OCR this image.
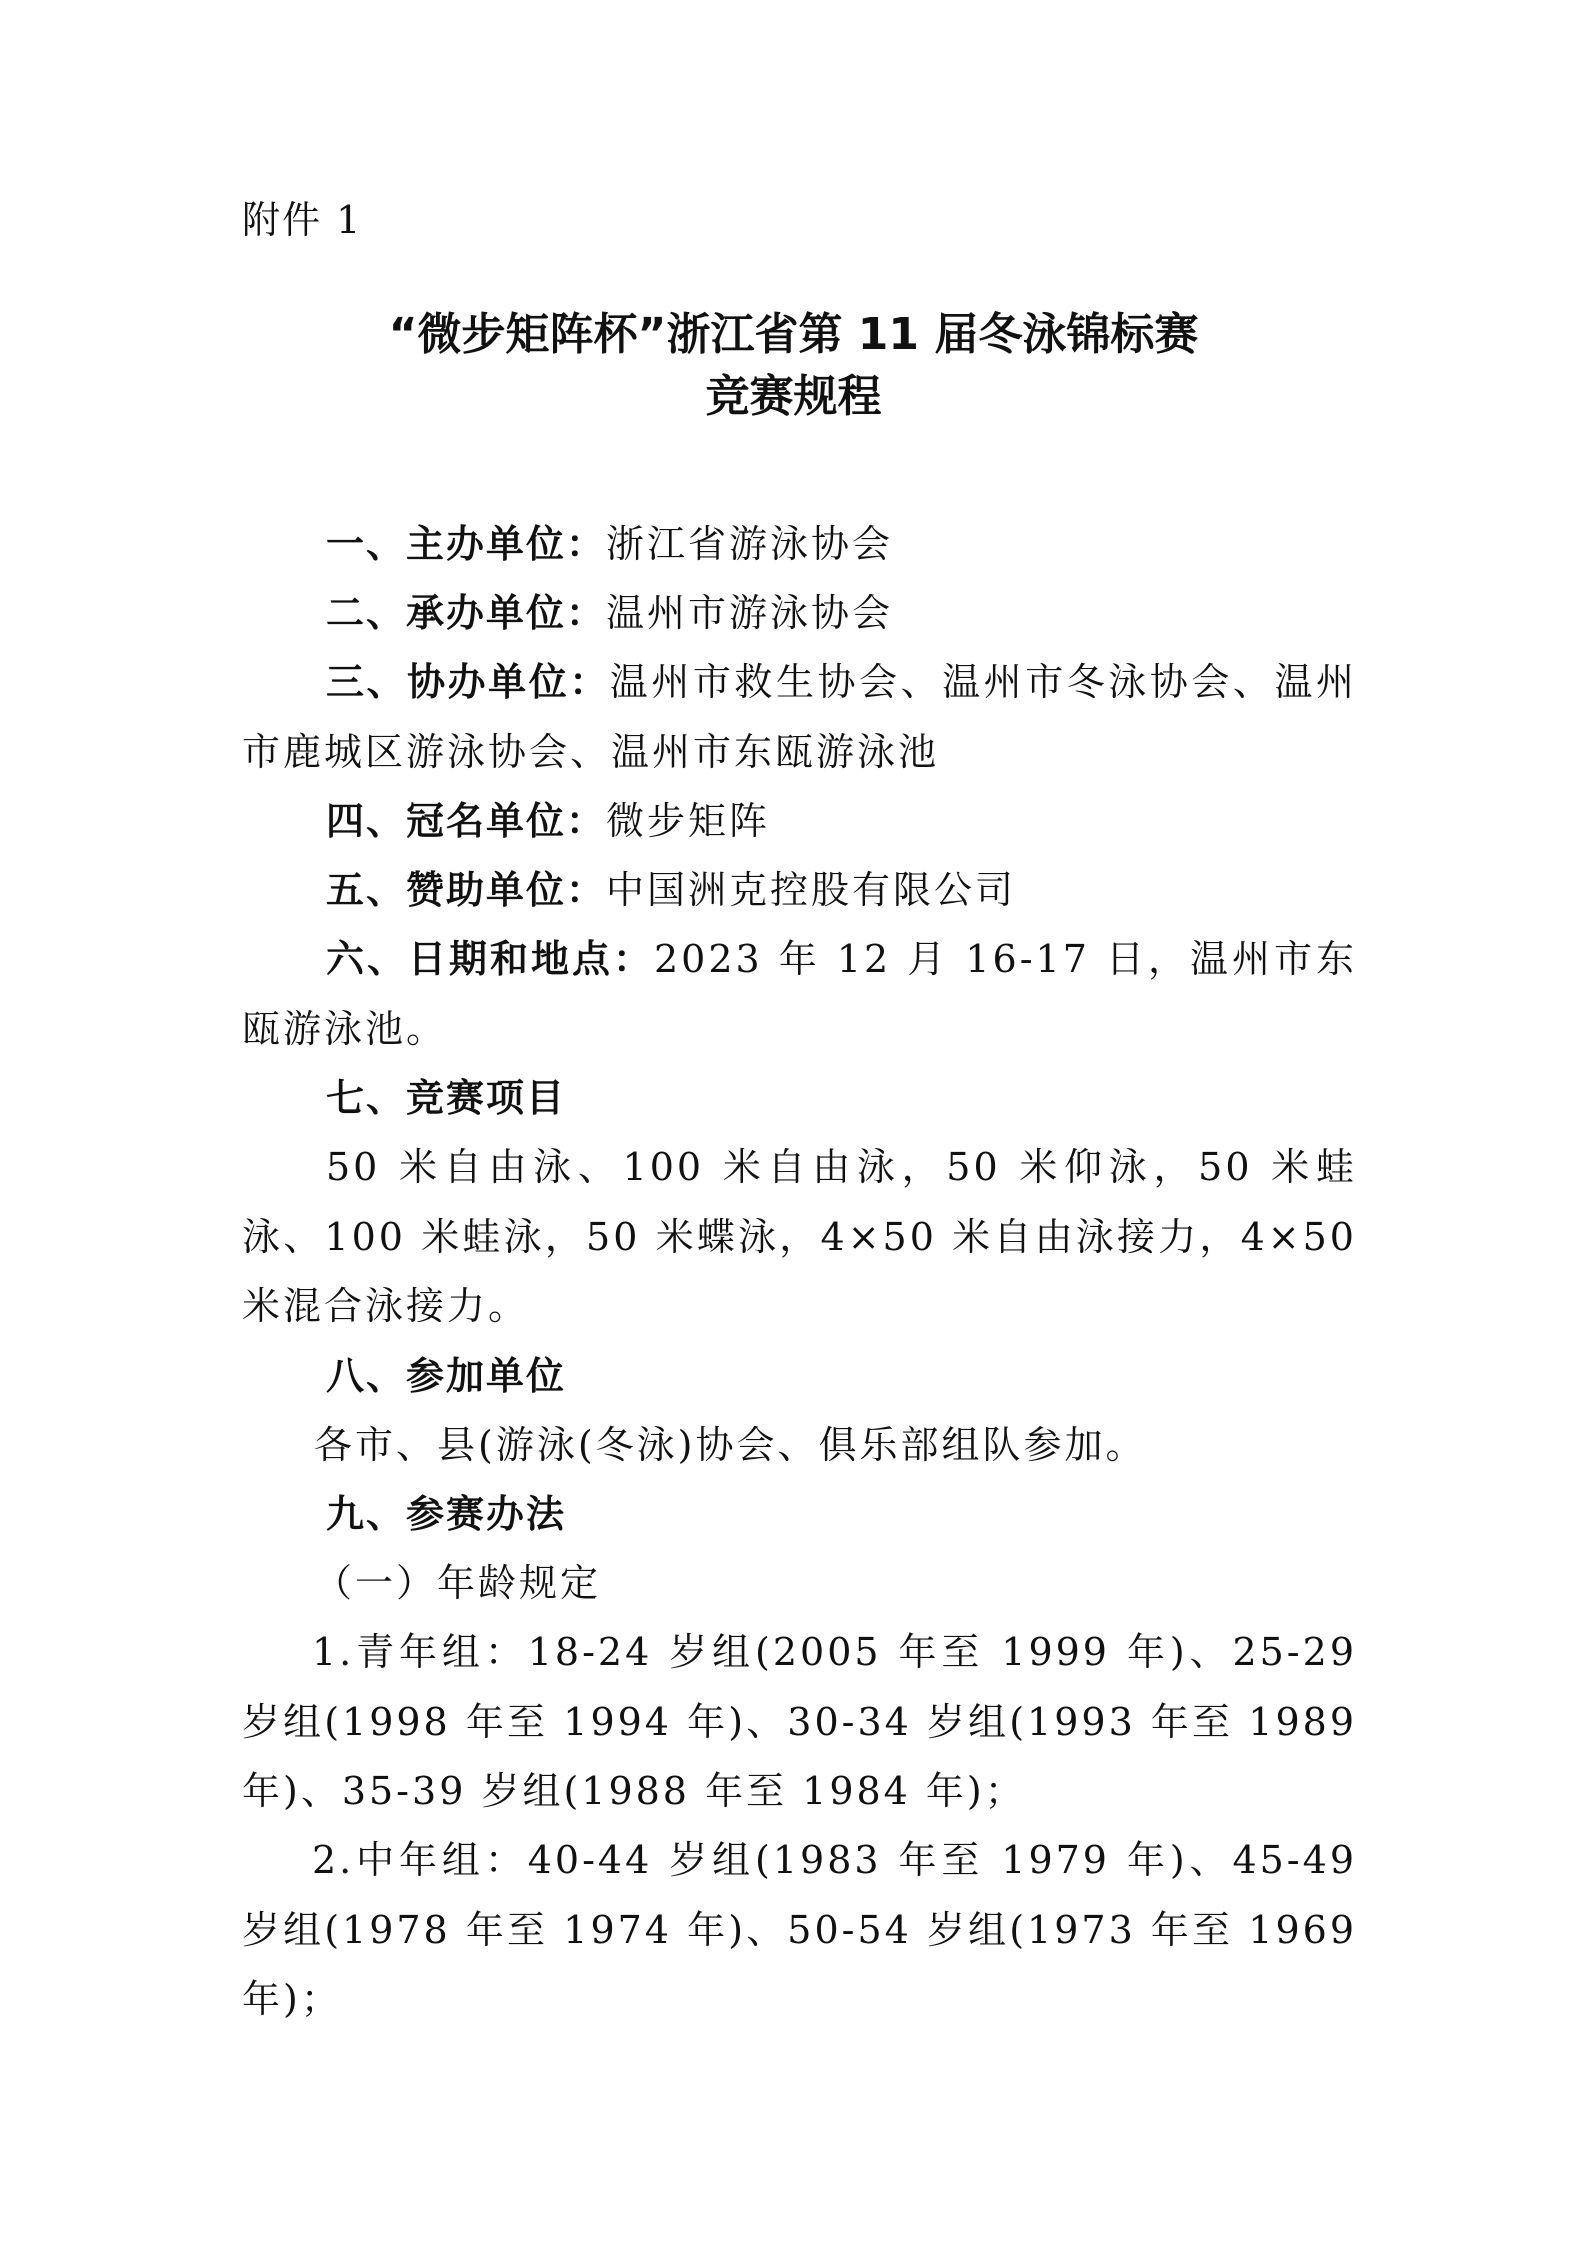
附件 1
“微步矩阵杯”浙江省第 11 届冬泳锦标赛
竞赛规程

一、主办单位：浙江省游泳协会

二、承办单位：温州市游泳协会

三、协办单位：温州市救生协会、温州市冬泳协会、温州市鹿城区游泳协会、温州市东瓯游泳池

四、冠名单位：微步矩阵

五、赞助单位：中国洲克控股有限公司

六、日期和地点：2023 年 12 月 16-17 日，温州市东瓯游泳池。

七、竞赛项目

50 米自由泳、100 米自由泳，50 米仰泳，50 米蛙泳、100 米蛙泳，50 米蝶泳，4×50 米自由泳接力，4×50 米混合泳接力。

八、参加单位

各市、县(游泳(冬泳)协会、俱乐部组队参加。

九、参赛办法

（一）年龄规定

1.青年组：18-24 岁组(2005 年至 1999 年)、25-29 岁组(1998 年至 1994 年)、30-34 岁组(1993 年至 1989 年)、35-39 岁组(1988 年至 1984 年)；

2.中年组：40-44 岁组(1983 年至 1979 年)、45-49 岁组(1978 年至 1974 年)、50-54 岁组(1973 年至 1969 年)；
